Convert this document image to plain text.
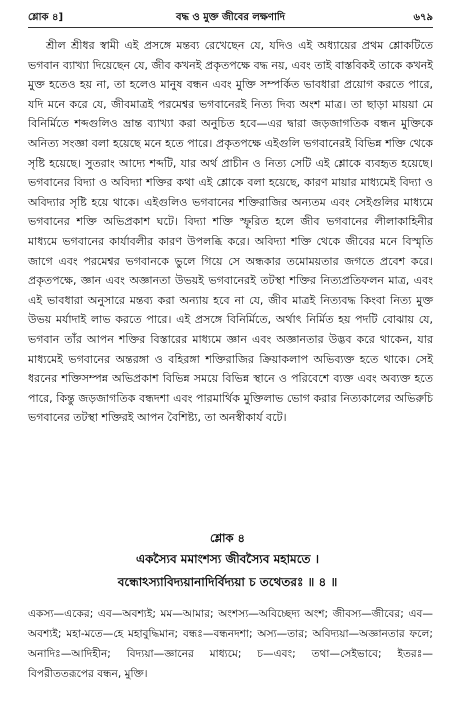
শ্লোক ৪]	বদ্ধ ও মুক্ত জীবের লক্ষণাদি	৬৭৯

শ্রীল শ্রীধর স্বামী এই প্রসঙ্গে মন্তব্য রেখেছেন যে, যদিও এই অধ্যায়ের প্রথম শ্লোকটিতে ভগবান ব্যাখ্যা দিয়েছেন যে, জীব কখনই প্রকৃতপক্ষে বদ্ধ নয়, এবং তাই বাস্তবিকই তাকে কখনই মুক্ত হতেও হয় না, তা হলেও মানুষ বন্ধন এবং মুক্তি সম্পর্কিত ভাবধারা প্রয়োগ করতে পারে, যদি মনে করে যে, জীবমাত্রই পরমেশ্বর ভগবানেরই নিত্য দিব্য অংশ মাত্র। তা ছাড়া মায়য়া মে বিনির্মিতে শব্দগুলিও ভ্রান্ত ব্যাখ্যা করা অনুচিত হবে—এর দ্বারা জড়জাগতিক বন্ধন মুক্তিকে অনিত্য সংজ্ঞা বলা হয়েছে মনে হতে পারে। প্রকৃতপক্ষে এইগুলি ভগবানেরই বিভিন্ন শক্তি থেকে সৃষ্টি হয়েছে। সুতরাং আদ্যে শব্দটি, যার অর্থ প্রাচীন ও নিত্য সেটি এই শ্লোকে ব্যবহৃত হয়েছে। ভগবানের বিদ্যা ও অবিদ্যা শক্তির কথা এই শ্লোকে বলা হয়েছে, কারণ মায়ার মাধ্যমেই বিদ্যা ও অবিদ্যার সৃষ্টি হয়ে থাকে। এইগুলিও ভগবানের শক্তিরাজির অন্যতম এবং সেইগুলির মাধ্যমে ভগবানের শক্তি অভিপ্রকাশ ঘটে। বিদ্যা শক্তি স্ফূরিত হলে জীব ভগবানের লীলাকাহিনীর মাধ্যমে ভগবানের কার্যাবলীর কারণ উপলব্ধি করে। অবিদ্যা শক্তি থেকে জীবের মনে বিস্মৃতি জাগে এবং পরমেশ্বর ভগবানকে ভুলে গিয়ে সে অন্ধকার তমোময়তার জগতে প্রবেশ করে। প্রকৃতপক্ষে, জ্ঞান এবং অজ্ঞানতা উভয়ই ভগবানেরই তটস্থা শক্তির নিত্যপ্রতিফলন মাত্র, এবং এই ভাবধারা অনুসারে মন্তব্য করা অন্যায় হবে না যে, জীব মাত্রই নিত্যবদ্ধ কিংবা নিত্য মুক্ত উভয় মর্যাদাই লাভ করতে পারে। এই প্রসঙ্গে বিনির্মিতে, অর্থাৎ নির্মিত হয় পদটি বোঝায় যে, ভগবান তাঁর আপন শক্তির বিস্তারের মাধ্যমে জ্ঞান এবং অজ্ঞানতার উদ্ভব করে থাকেন, যার মাধ্যমেই ভগবানের অন্তরঙ্গা ও বহিরঙ্গা শক্তিরাজির ক্রিয়াকলাপ অভিব্যক্ত হতে থাকে। সেই ধরনের শক্তিসম্পন্ন অভিপ্রকাশ বিভিন্ন সময়ে বিভিন্ন স্থানে ও পরিবেশে ব্যক্ত এবং অব্যক্ত হতে পারে, কিন্তু জড়জাগতিক বন্ধদশা এবং পারমার্থিক মুক্তিলাভ ভোগ করার নিত্যকালের অভিরুচি ভগবানের তটস্থা শক্তিরই আপন বৈশিষ্ট্য, তা অনস্বীকার্য বটে।

শ্লোক ৪
একস্যৈব মমাংশস্য জীবস্যৈব মহামতে ।
বন্ধোঽস্যাবিদ্যয়ানাদির্বিদ্যয়া চ তথেতরঃ ॥ ৪ ॥
একস্য—একের; এব—অবশ্যই; মম—আমার; অংশস্য—অবিচ্ছেদ্য অংশ; জীবস্য—জীবের; এব—অবশ্যই; মহা-মতে—হে মহাবুদ্ধিমান; বন্ধঃ—বন্ধনদশা; অস্য—তার; অবিদ্যয়া—অজ্ঞানতার ফলে; অনাদিঃ—আদিহীন; বিদ্যয়া—জ্ঞানের মাধ্যমে; চ—এবং; তথা—সেইভাবে; ইতরঃ—বিপরীততরূপের বন্ধন, মুক্তি।
